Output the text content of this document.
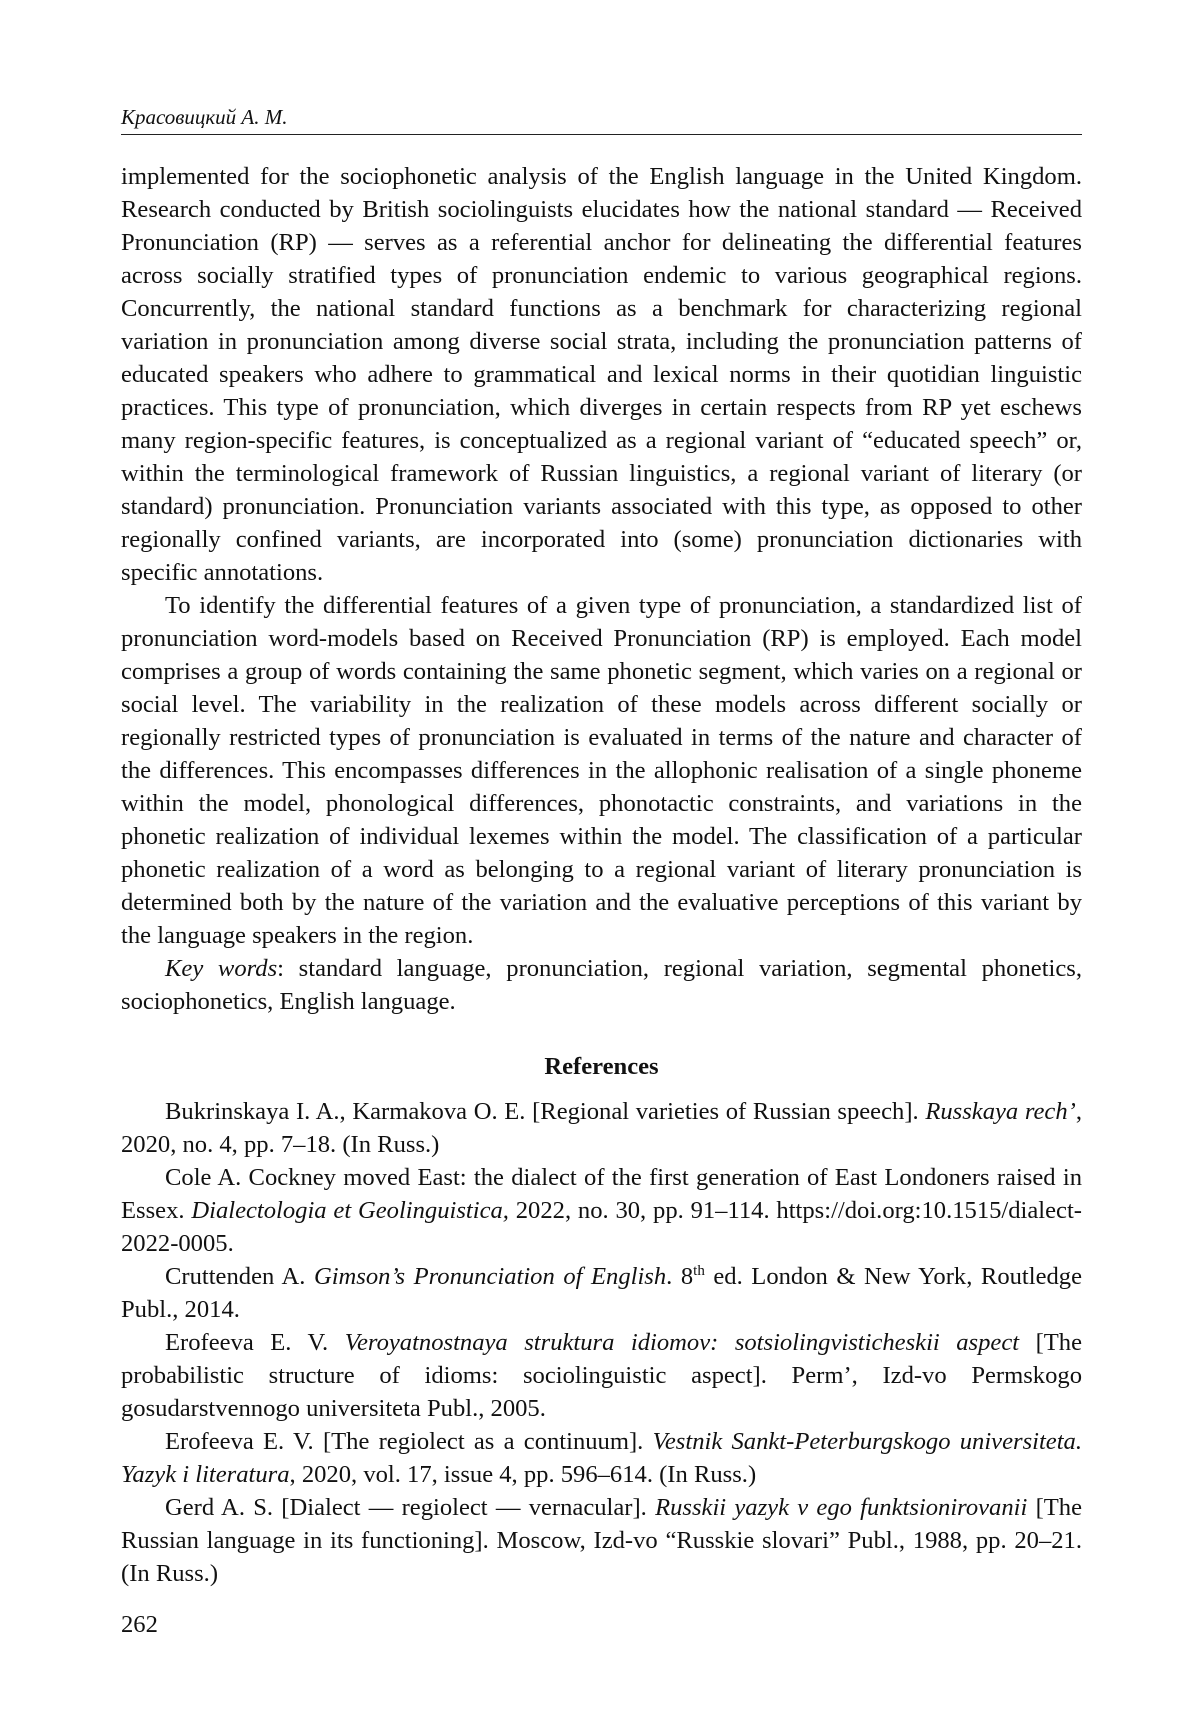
Красовицкий А. М.

implemented for the sociophonetic analysis of the English language in the United Kingdom. Research conducted by British sociolinguists elucidates how the national standard — Received Pronunciation (RP) — serves as a referential anchor for delineating the differential features across socially stratified types of pronunciation endemic to various geographical regions. Concurrently, the national standard functions as a benchmark for characterizing regional variation in pronunciation among diverse social strata, including the pronunciation patterns of educated speakers who adhere to grammatical and lexical norms in their quotidian linguistic practices. This type of pronunciation, which diverges in certain respects from RP yet eschews many region-specific features, is conceptualized as a regional variant of “educated speech” or, within the terminological framework of Russian linguistics, a regional variant of literary (or standard) pronunciation. Pronunciation variants associated with this type, as opposed to other regionally confined variants, are incorporated into (some) pronunciation dictionaries with specific annotations.

To identify the differential features of a given type of pronunciation, a standardized list of pronunciation word-models based on Received Pronunciation (RP) is employed. Each model comprises a group of words containing the same phonetic segment, which varies on a regional or social level. The variability in the realization of these models across different socially or regionally restricted types of pronunciation is evaluated in terms of the nature and character of the differences. This encompasses differences in the allophonic realisation of a single phoneme within the model, phonological differences, phonotactic constraints, and variations in the phonetic realization of individual lexemes within the model. The classification of a particular phonetic realization of a word as belonging to a regional variant of literary pronunciation is determined both by the nature of the variation and the evaluative perceptions of this variant by the language speakers in the region.

Key words: standard language, pronunciation, regional variation, segmental phonetics, sociophonetics, English language.

References

Bukrinskaya I. A., Karmakova O. E. [Regional varieties of Russian speech]. Russkaya rech’, 2020, no. 4, pp. 7–18. (In Russ.)

Cole A. Cockney moved East: the dialect of the first generation of East Londoners raised in Essex. Dialectologia et Geolinguistica, 2022, no. 30, pp. 91–114. https://doi.org:10.1515/dialect-2022-0005.

Cruttenden A. Gimson’s Pronunciation of English. 8th ed. London & New York, Routledge Publ., 2014.

Erofeeva E. V. Veroyatnostnaya struktura idiomov: sotsiolingvisticheskii aspect [The probabilistic structure of idioms: sociolinguistic aspect]. Perm’, Izd-vo Permskogo gosudarstvennogo universiteta Publ., 2005.

Erofeeva E. V. [The regiolect as a continuum]. Vestnik Sankt-Peterburgskogo universiteta. Yazyk i literatura, 2020, vol. 17, issue 4, pp. 596–614. (In Russ.)

Gerd A. S. [Dialect — regiolect — vernacular]. Russkii yazyk v ego funktsionirovanii [The Russian language in its functioning]. Moscow, Izd-vo “Russkie slovari” Publ., 1988, pp. 20–21. (In Russ.)

262
